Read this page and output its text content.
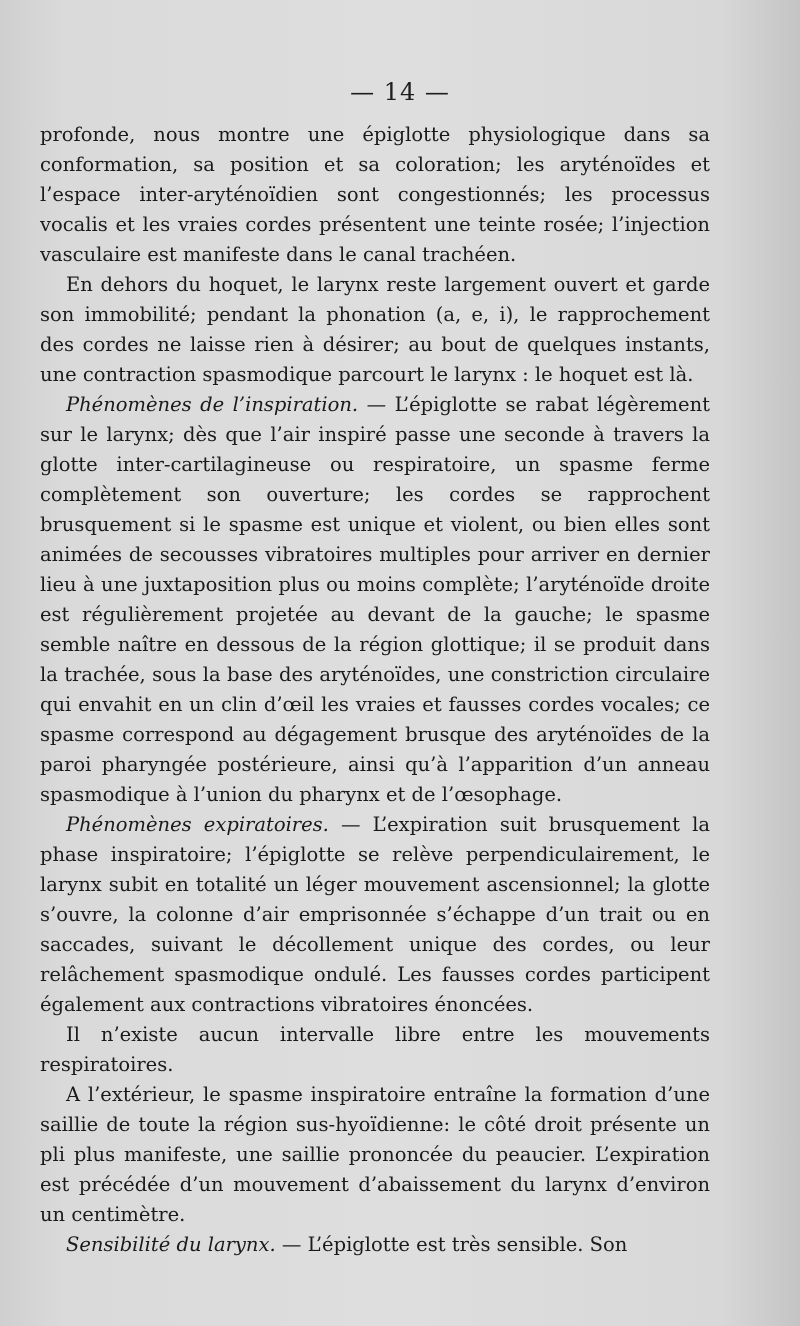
— 14 —

profonde, nous montre une épiglotte physiologique dans sa conformation, sa position et sa coloration; les aryténoïdes et l’espace inter-aryténoïdien sont congestionnés; les processus vocalis et les vraies cordes présentent une teinte rosée; l’injection vasculaire est manifeste dans le canal trachéen.

En dehors du hoquet, le larynx reste largement ouvert et garde son immobilité; pendant la phonation (a, e, i), le rapprochement des cordes ne laisse rien à désirer; au bout de quelques instants, une contraction spasmodique parcourt le larynx : le hoquet est là.

Phénomènes de l’inspiration. — L’épiglotte se rabat légèrement sur le larynx; dès que l’air inspiré passe une seconde à travers la glotte inter-cartilagineuse ou respiratoire, un spasme ferme complètement son ouverture; les cordes se rapprochent brusquement si le spasme est unique et violent, ou bien elles sont animées de secousses vibratoires multiples pour arriver en dernier lieu à une juxtaposition plus ou moins complète; l’aryténoïde droite est régulièrement projetée au devant de la gauche; le spasme semble naître en dessous de la région glottique; il se produit dans la trachée, sous la base des aryténoïdes, une constriction circulaire qui envahit en un clin d’œil les vraies et fausses cordes vocales; ce spasme correspond au dégagement brusque des aryténoïdes de la paroi pharyngée postérieure, ainsi qu’à l’apparition d’un anneau spasmodique à l’union du pharynx et de l’œsophage.

Phénomènes expiratoires. — L’expiration suit brusquement la phase inspiratoire; l’épiglotte se relève perpendiculairement, le larynx subit en totalité un léger mouvement ascensionnel; la glotte s’ouvre, la colonne d’air emprisonnée s’échappe d’un trait ou en saccades, suivant le décollement unique des cordes, ou leur relâchement spasmodique ondulé. Les fausses cordes participent également aux contractions vibratoires énoncées.

Il n’existe aucun intervalle libre entre les mouvements respiratoires.

A l’extérieur, le spasme inspiratoire entraîne la formation d’une saillie de toute la région sus-hyoïdienne: le côté droit présente un pli plus manifeste, une saillie prononcée du peaucier. L’expiration est précédée d’un mouvement d’abaissement du larynx d’environ un centimètre.

Sensibilité du larynx. — L’épiglotte est très sensible. Son
